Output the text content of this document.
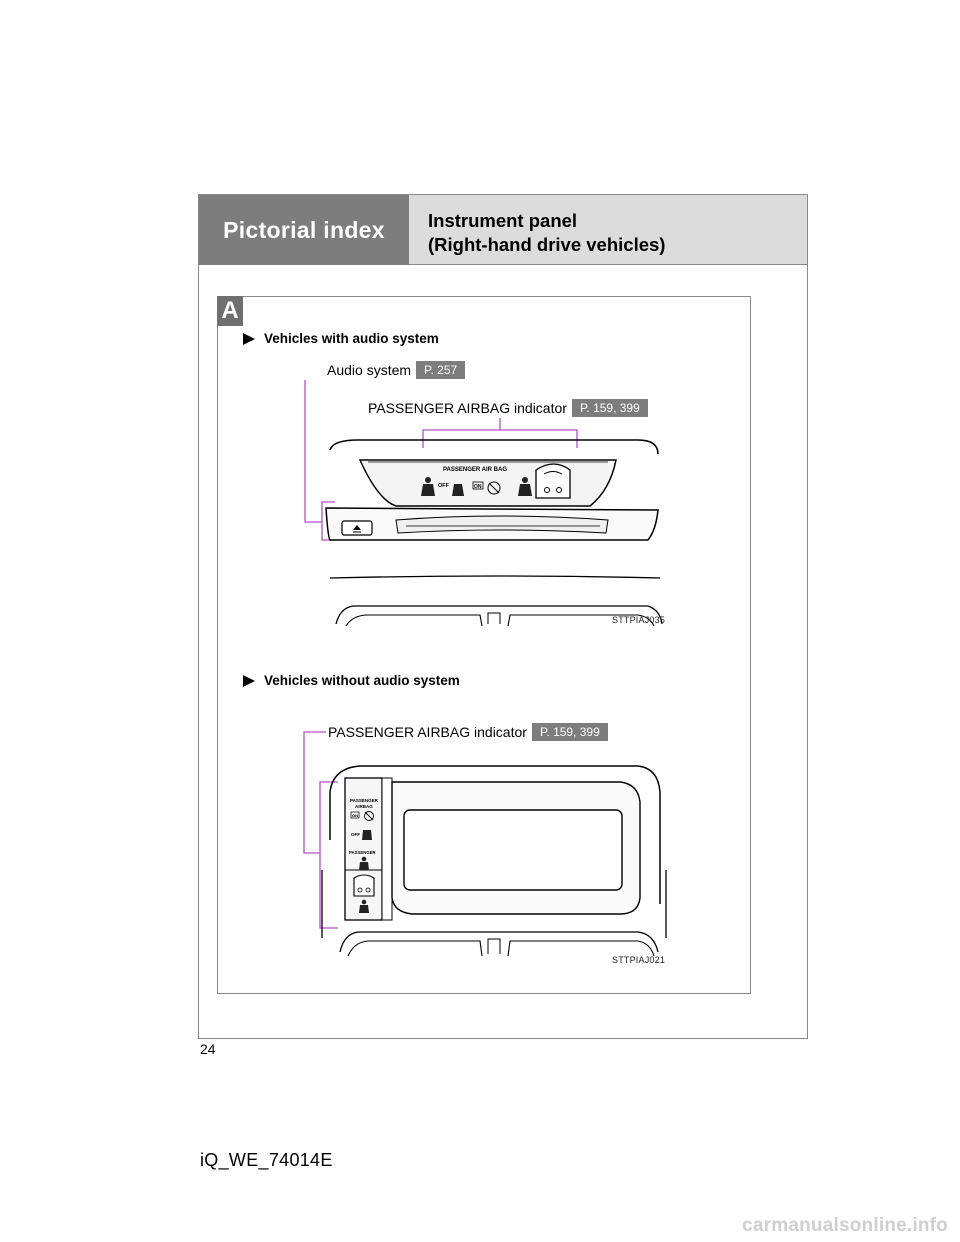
Pictorial index	Instrument panel
(Right-hand drive vehicles)
A
Vehicles with audio system
Audio system	P. 257
PASSENGER AIRBAG indicator	P. 159, 399
PASSENGER AIR BAG
OFF	ON
STTPIAJ035
Vehicles without audio system
PASSENGER AIRBAG indicator	P. 159, 399
PASSENGER
AIRBAG
ON
OFF
PASSENGER
STTPIAJ021
24
iQ_WE_74014E
carmanualsonline.info
